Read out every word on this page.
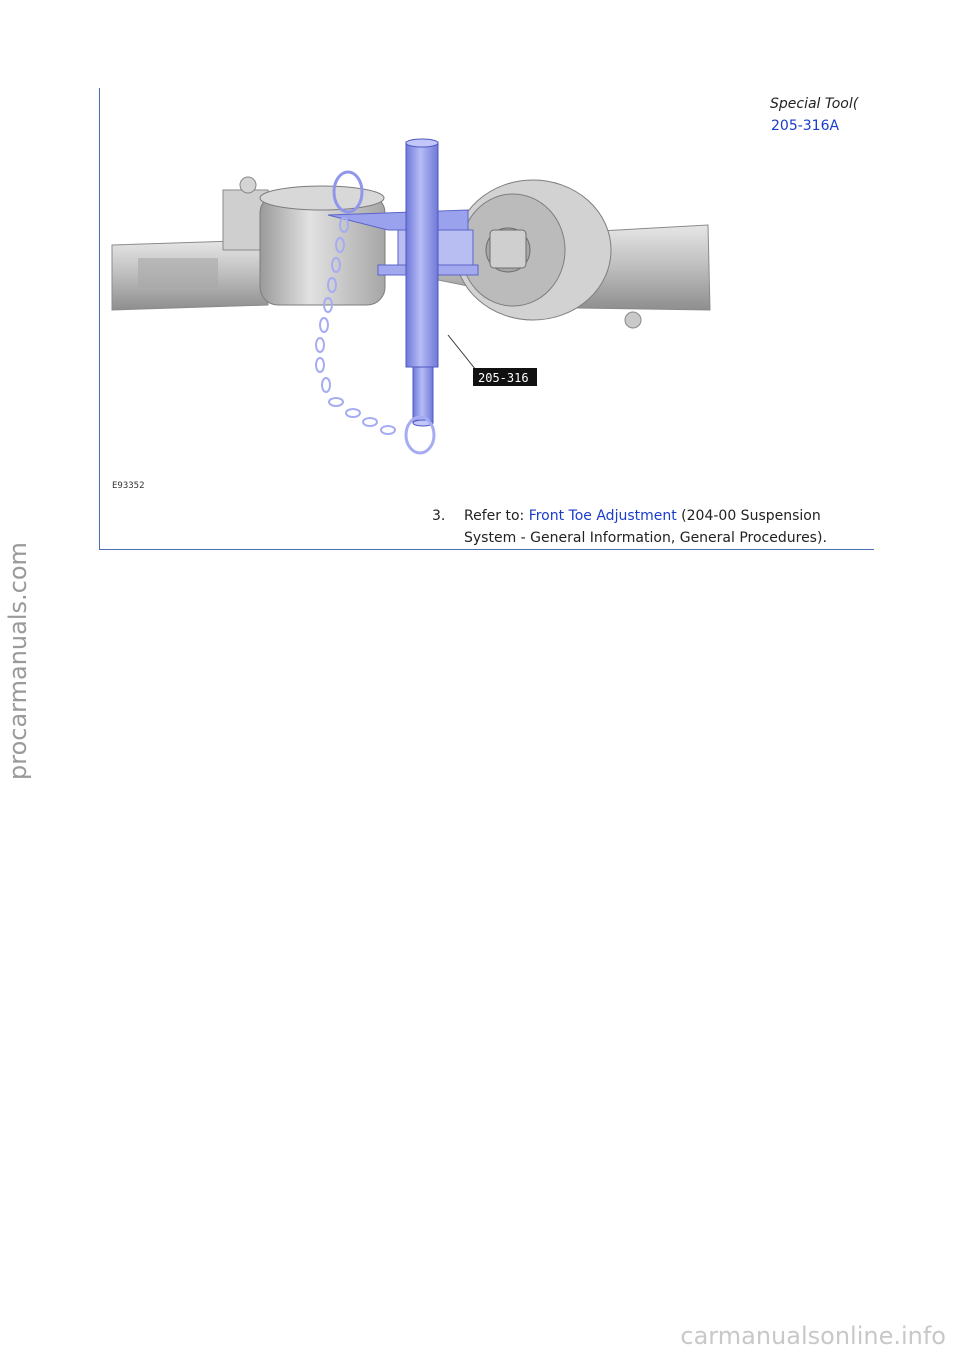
Special Tool(
205-316A
205-316
E93352
3. Refer to: Front Toe Adjustment (204-00 Suspension System - General Information, General Procedures).
procarmanuals.com
carmanualsonline.info
